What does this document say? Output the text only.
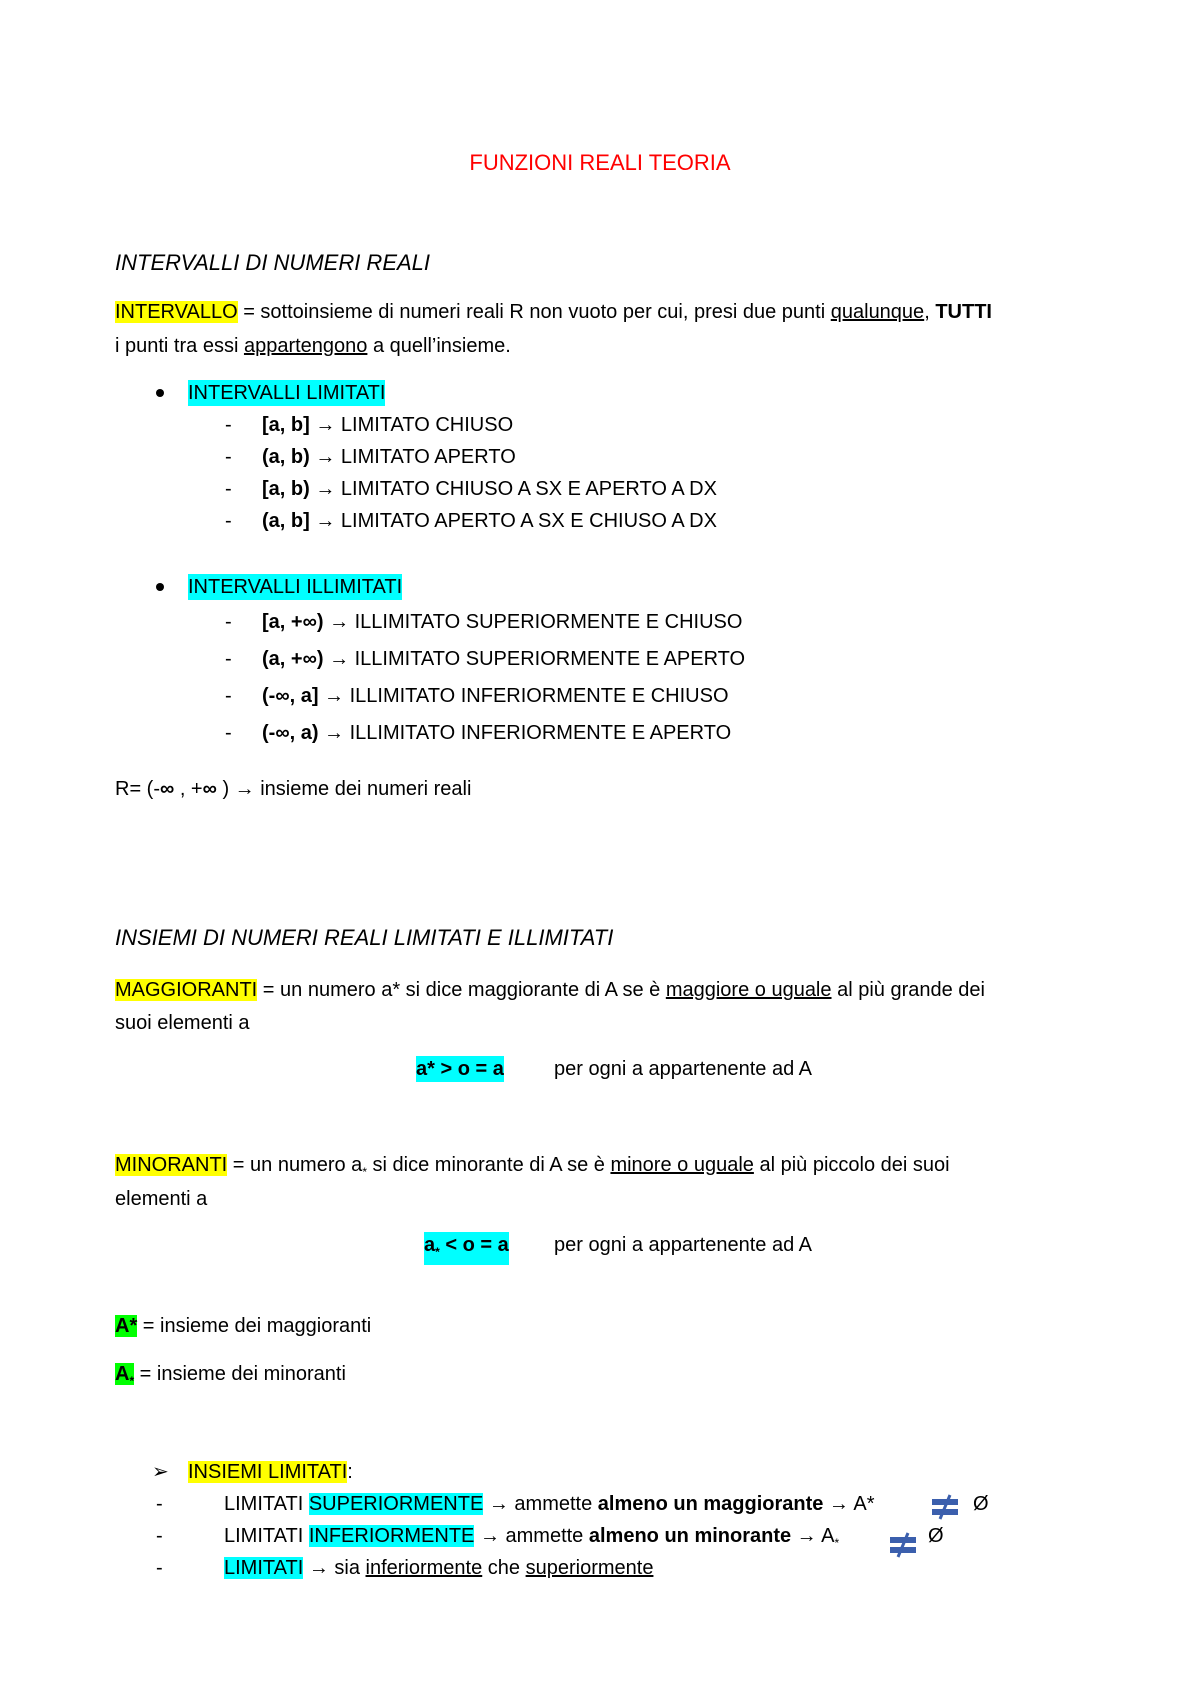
FUNZIONI REALI TEORIA
INTERVALLI DI NUMERI REALI
INTERVALLO = sottoinsieme di numeri reali R non vuoto per cui, presi due punti qualunque, TUTTI
i punti tra essi appartengono a quell’insieme.
INTERVALLI LIMITATI
- [a, b] → LIMITATO CHIUSO
- (a, b) → LIMITATO APERTO
- [a, b) → LIMITATO CHIUSO A SX E APERTO A DX
- (a, b] → LIMITATO APERTO A SX E CHIUSO A DX
INTERVALLI ILLIMITATI
- [a, +∞) → ILLIMITATO SUPERIORMENTE E CHIUSO
- (a, +∞) → ILLIMITATO SUPERIORMENTE E APERTO
- (-∞, a] → ILLIMITATO INFERIORMENTE E CHIUSO
- (-∞, a) → ILLIMITATO INFERIORMENTE E APERTO
R= (-∞ , +∞ ) → insieme dei numeri reali
INSIEMI DI NUMERI REALI LIMITATI E ILLIMITATI
MAGGIORANTI = un numero a* si dice maggiorante di A se è maggiore o uguale al più grande dei
suoi elementi a
a* > o = a	per ogni a appartenente ad A
MINORANTI = un numero $a_*$ si dice minorante di A se è minore o uguale al più piccolo dei suoi
elementi a
$a_* < o = a$ per ogni a appartenente ad A
A* = insieme dei maggioranti
$A_*$ = insieme dei minoranti
➢ INSIEMI LIMITATI:
-	LIMITATI SUPERIORMENTE → ammette almeno un maggiorante → A*	Ø
-	LIMITATI INFERIORMENTE → ammette almeno un minorante → $A_*$	Ø
-	LIMITATI → sia inferiormente che superiormente
